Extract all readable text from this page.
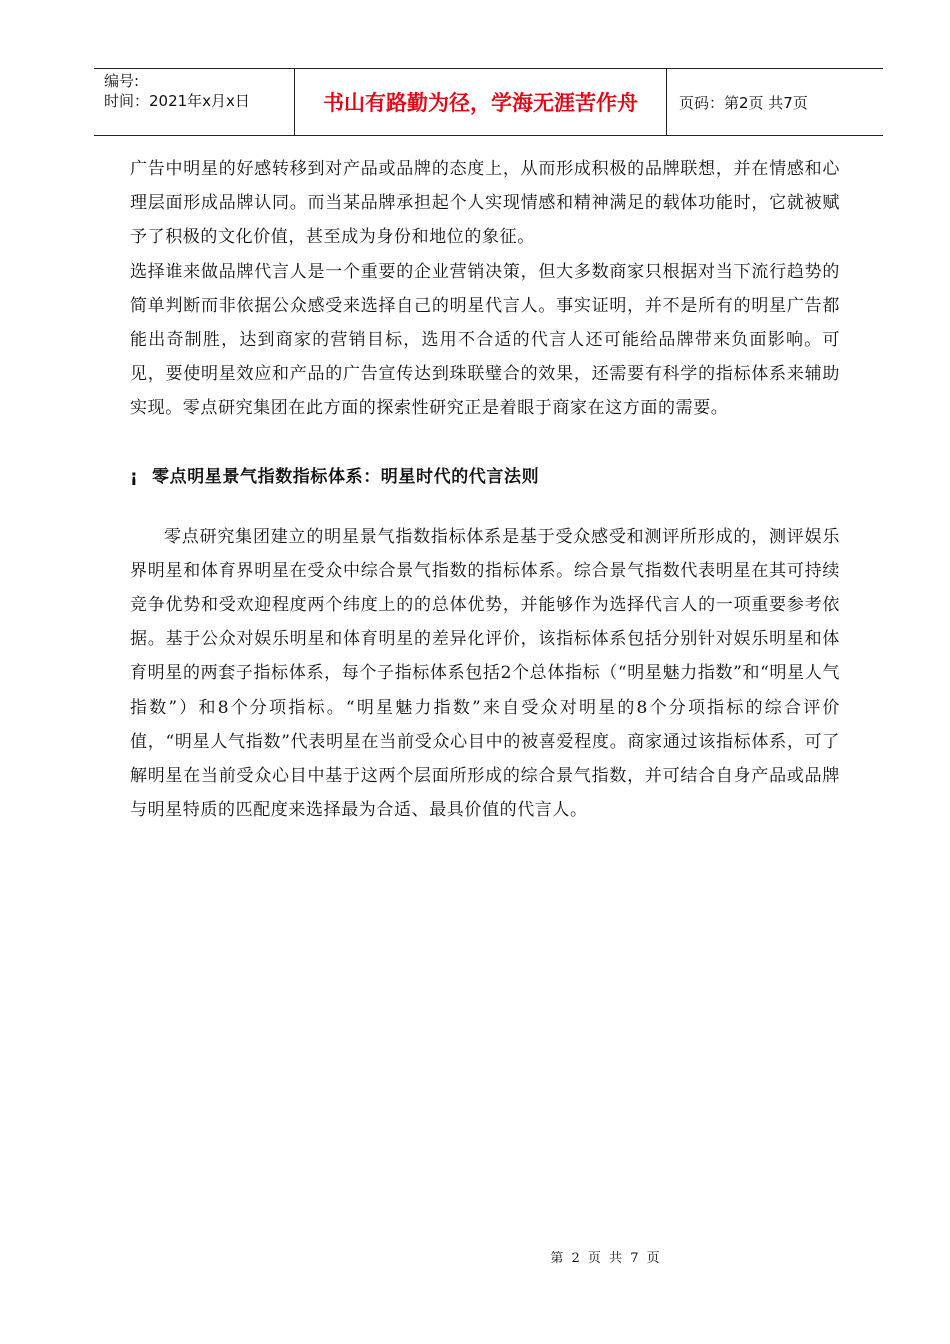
编号:
时间：2021年x月x日	书山有路勤为径，学海无涯苦作舟	页码：第2页 共7页

广告中明星的好感转移到对产品或品牌的态度上，从而形成积极的品牌联想，并在情感和心理层面形成品牌认同。而当某品牌承担起个人实现情感和精神满足的载体功能时，它就被赋予了积极的文化价值，甚至成为身份和地位的象征。

选择谁来做品牌代言人是一个重要的企业营销决策，但大多数商家只根据对当下流行趋势的简单判断而非依据公众感受来选择自己的明星代言人。事实证明，并不是所有的明星广告都能出奇制胜，达到商家的营销目标，选用不合适的代言人还可能给品牌带来负面影响。可见，要使明星效应和产品的广告宣传达到珠联璧合的效果，还需要有科学的指标体系来辅助实现。零点研究集团在此方面的探索性研究正是着眼于商家在这方面的需要。

¡ 零点明星景气指数指标体系：明星时代的代言法则

零点研究集团建立的明星景气指数指标体系是基于受众感受和测评所形成的，测评娱乐界明星和体育界明星在受众中综合景气指数的指标体系。综合景气指数代表明星在其可持续竞争优势和受欢迎程度两个纬度上的的总体优势，并能够作为选择代言人的一项重要参考依据。基于公众对娱乐明星和体育明星的差异化评价，该指标体系包括分别针对娱乐明星和体育明星的两套子指标体系，每个子指标体系包括2个总体指标（“明星魅力指数”和“明星人气指数”）和8个分项指标。“明星魅力指数”来自受众对明星的8个分项指标的综合评价值，“明星人气指数”代表明星在当前受众心目中的被喜爱程度。商家通过该指标体系，可了解明星在当前受众心目中基于这两个层面所形成的综合景气指数，并可结合自身产品或品牌与明星特质的匹配度来选择最为合适、最具价值的代言人。

第 2 页 共 7 页
